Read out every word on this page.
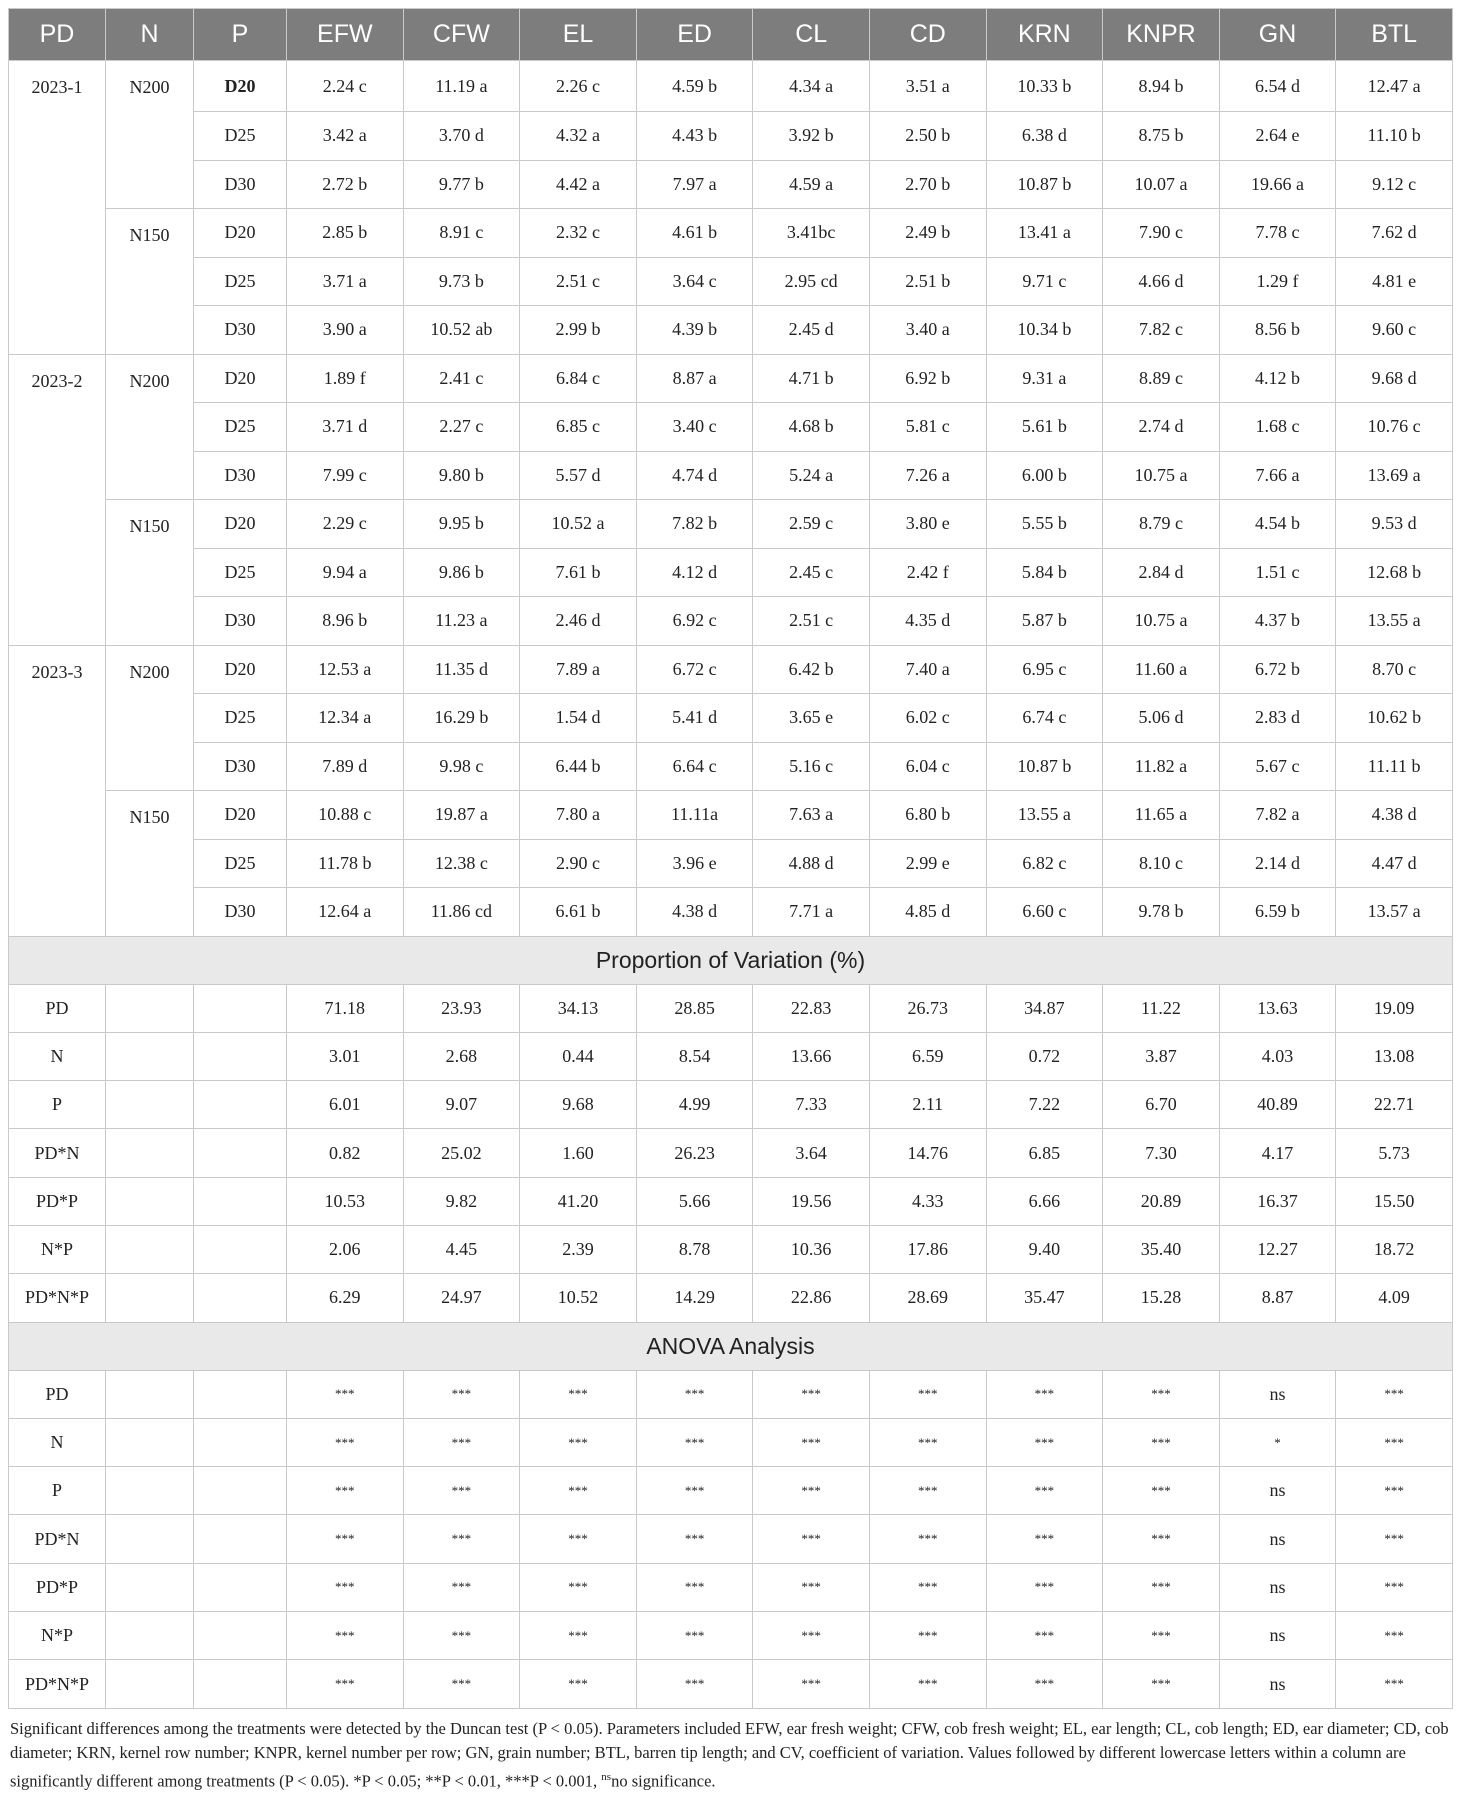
PD	N	P	EFW	CFW	EL	ED	CL	CD	KRN	KNPR	GN	BTL
2023-1	N200	D20	2.24 c	11.19 a	2.26 c	4.59 b	4.34 a	3.51 a	10.33 b	8.94 b	6.54 d	12.47 a
		D25	3.42 a	3.70 d	4.32 a	4.43 b	3.92 b	2.50 b	6.38 d	8.75 b	2.64 e	11.10 b
		D30	2.72 b	9.77 b	4.42 a	7.97 a	4.59 a	2.70 b	10.87 b	10.07 a	19.66 a	9.12 c
	N150	D20	2.85 b	8.91 c	2.32 c	4.61 b	3.41bc	2.49 b	13.41 a	7.90 c	7.78 c	7.62 d
		D25	3.71 a	9.73 b	2.51 c	3.64 c	2.95 cd	2.51 b	9.71 c	4.66 d	1.29 f	4.81 e
		D30	3.90 a	10.52 ab	2.99 b	4.39 b	2.45 d	3.40 a	10.34 b	7.82 c	8.56 b	9.60 c
2023-2	N200	D20	1.89 f	2.41 c	6.84 c	8.87 a	4.71 b	6.92 b	9.31 a	8.89 c	4.12 b	9.68 d
		D25	3.71 d	2.27 c	6.85 c	3.40 c	4.68 b	5.81 c	5.61 b	2.74 d	1.68 c	10.76 c
		D30	7.99 c	9.80 b	5.57 d	4.74 d	5.24 a	7.26 a	6.00 b	10.75 a	7.66 a	13.69 a
	N150	D20	2.29 c	9.95 b	10.52 a	7.82 b	2.59 c	3.80 e	5.55 b	8.79 c	4.54 b	9.53 d
		D25	9.94 a	9.86 b	7.61 b	4.12 d	2.45 c	2.42 f	5.84 b	2.84 d	1.51 c	12.68 b
		D30	8.96 b	11.23 a	2.46 d	6.92 c	2.51 c	4.35 d	5.87 b	10.75 a	4.37 b	13.55 a
2023-3	N200	D20	12.53 a	11.35 d	7.89 a	6.72 c	6.42 b	7.40 a	6.95 c	11.60 a	6.72 b	8.70 c
		D25	12.34 a	16.29 b	1.54 d	5.41 d	3.65 e	6.02 c	6.74 c	5.06 d	2.83 d	10.62 b
		D30	7.89 d	9.98 c	6.44 b	6.64 c	5.16 c	6.04 c	10.87 b	11.82 a	5.67 c	11.11 b
	N150	D20	10.88 c	19.87 a	7.80 a	11.11a	7.63 a	6.80 b	13.55 a	11.65 a	7.82 a	4.38 d
		D25	11.78 b	12.38 c	2.90 c	3.96 e	4.88 d	2.99 e	6.82 c	8.10 c	2.14 d	4.47 d
		D30	12.64 a	11.86 cd	6.61 b	4.38 d	7.71 a	4.85 d	6.60 c	9.78 b	6.59 b	13.57 a
Proportion of Variation (%)												
PD			71.18	23.93	34.13	28.85	22.83	26.73	34.87	11.22	13.63	19.09
N			3.01	2.68	0.44	8.54	13.66	6.59	0.72	3.87	4.03	13.08
P			6.01	9.07	9.68	4.99	7.33	2.11	7.22	6.70	40.89	22.71
PD*N			0.82	25.02	1.60	26.23	3.64	14.76	6.85	7.30	4.17	5.73
PD*P			10.53	9.82	41.20	5.66	19.56	4.33	6.66	20.89	16.37	15.50
N*P			2.06	4.45	2.39	8.78	10.36	17.86	9.40	35.40	12.27	18.72
PD*N*P			6.29	24.97	10.52	14.29	22.86	28.69	35.47	15.28	8.87	4.09
ANOVA Analysis												
PD			***	***	***	***	***	***	***	***	ns	***
N			***	***	***	***	***	***	***	***	*	***
P			***	***	***	***	***	***	***	***	ns	***
PD*N			***	***	***	***	***	***	***	***	ns	***
PD*P			***	***	***	***	***	***	***	***	ns	***
N*P			***	***	***	***	***	***	***	***	ns	***
PD*N*P			***	***	***	***	***	***	***	***	ns	***
Significant differences among the treatments were detected by the Duncan test (P < 0.05). Parameters included EFW, ear fresh weight; CFW, cob fresh weight; EL, ear length; CL, cob length; ED, ear diameter; CD, cob diameter; KRN, kernel row number; KNPR, kernel number per row; GN, grain number; BTL, barren tip length; and CV, coefficient of variation. Values followed by different lowercase letters within a column are significantly different among treatments (P < 0.05). *P < 0.05; **P < 0.01, ***P < 0.001, $^{ns}$no significance.
